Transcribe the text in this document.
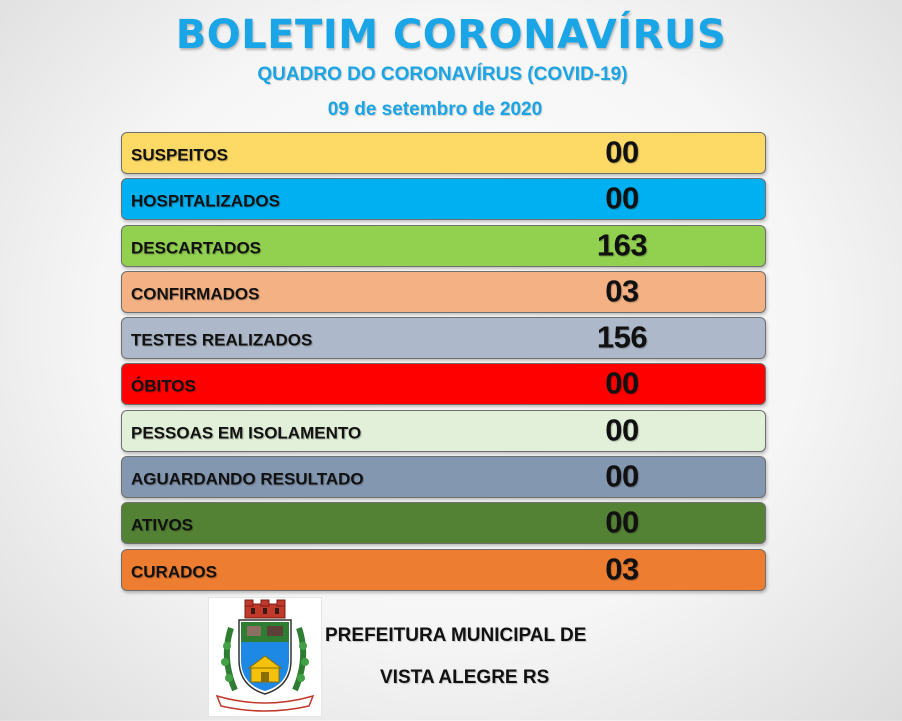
BOLETIM CORONAVÍRUS
QUADRO DO CORONAVÍRUS (COVID-19)
09 de setembro de 2020
SUSPEITOS	00
HOSPITALIZADOS	00
DESCARTADOS	163
CONFIRMADOS	03
TESTES REALIZADOS	156
ÓBITOS	00
PESSOAS EM ISOLAMENTO	00
AGUARDANDO RESULTADO	00
ATIVOS	00
CURADOS	03
PREFEITURA MUNICIPAL DE
VISTA ALEGRE RS
